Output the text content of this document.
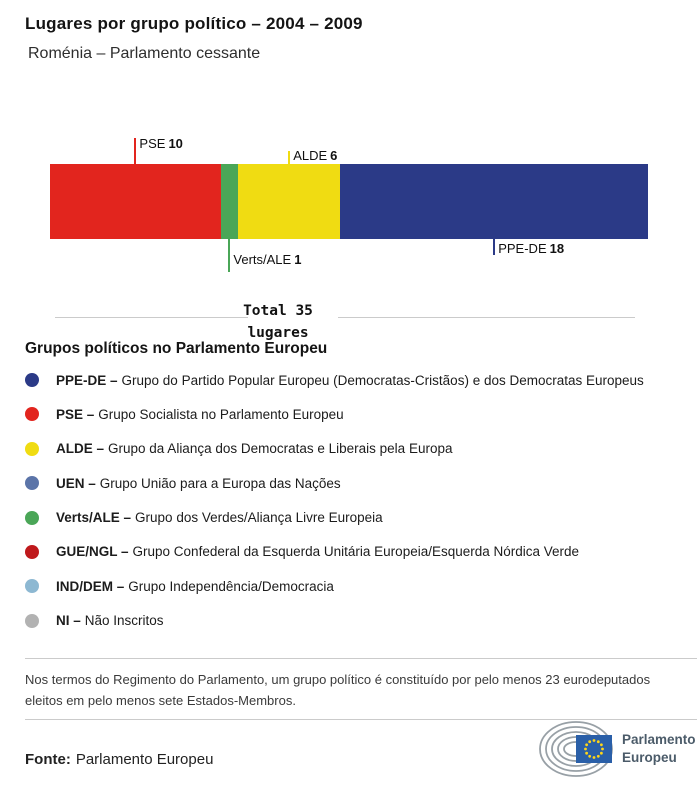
Lugares por grupo político – 2004 – 2009
Roménia – Parlamento cessante
PSE 10
Verts/ALE 1
ALDE 6
PPE-DE 18
Total 35
lugares
Grupos políticos no Parlamento Europeu
PPE-DE – Grupo do Partido Popular Europeu (Democratas-Cristãos) e dos Democratas Europeus
PSE – Grupo Socialista no Parlamento Europeu
ALDE – Grupo da Aliança dos Democratas e Liberais pela Europa
UEN – Grupo União para a Europa das Nações
Verts/ALE – Grupo dos Verdes/Aliança Livre Europeia
GUE/NGL – Grupo Confederal da Esquerda Unitária Europeia/Esquerda Nórdica Verde
IND/DEM – Grupo Independência/Democracia
NI – Não Inscritos
Nos termos do Regimento do Parlamento, um grupo político é constituído por pelo menos 23 eurodeputados eleitos em pelo menos sete Estados-Membros.
Fonte: Parlamento Europeu
Parlamento
Europeu
